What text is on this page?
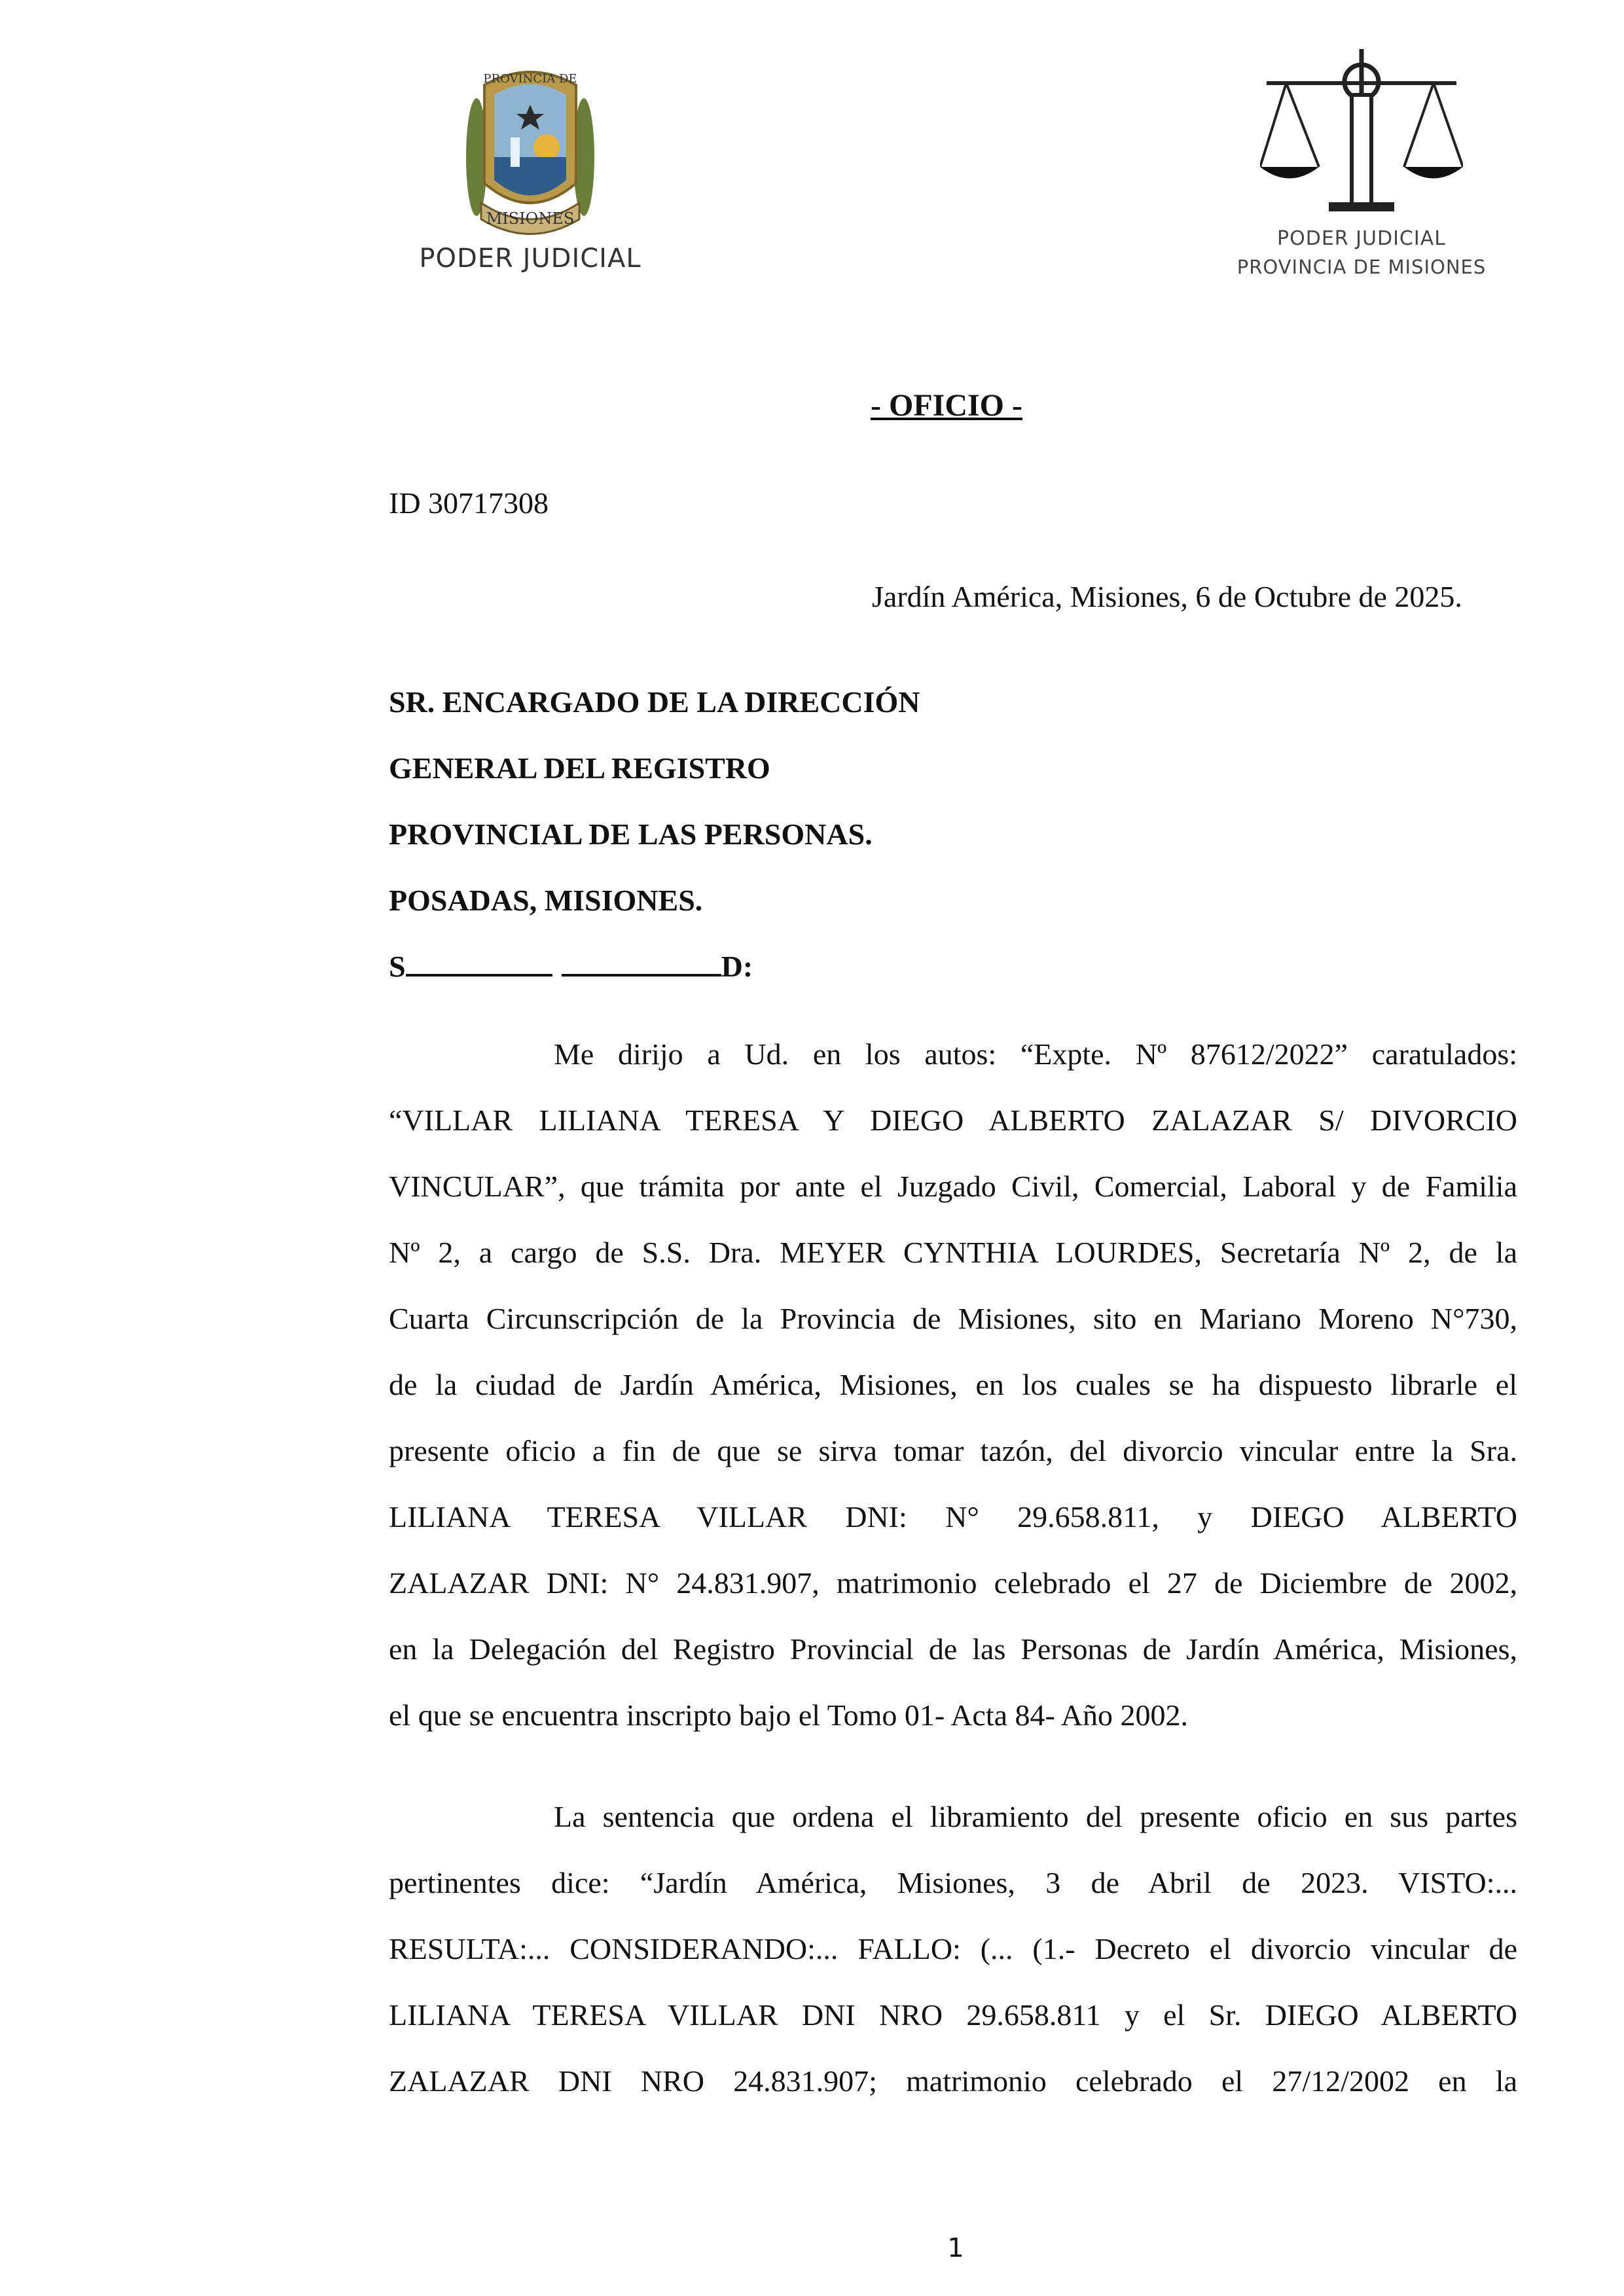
MISIONES
PROVINCIA DE
PODER JUDICIAL
PODER JUDICIAL
PROVINCIA DE MISIONES
- OFICIO -
ID 30717308
Jardín América, Misiones, 6 de Octubre de 2025.
SR. ENCARGADO DE LA DIRECCIÓN
GENERAL DEL REGISTRO
PROVINCIAL DE LAS PERSONAS.
POSADAS, MISIONES.
S	D:
Me dirijo a Ud. en los autos: “Expte. Nº 87612/2022” caratulados:
“VILLAR LILIANA TERESA Y DIEGO ALBERTO ZALAZAR S/ DIVORCIO
VINCULAR”, que trámita por ante el Juzgado Civil, Comercial, Laboral y de Familia
Nº 2, a cargo de S.S. Dra. MEYER CYNTHIA LOURDES, Secretaría Nº 2, de la
Cuarta Circunscripción de la Provincia de Misiones, sito en Mariano Moreno N°730,
de la ciudad de Jardín América, Misiones, en los cuales se ha dispuesto librarle el
presente oficio a fin de que se sirva tomar tazón, del divorcio vincular entre la Sra.
LILIANA TERESA VILLAR DNI: N° 29.658.811, y DIEGO ALBERTO
ZALAZAR DNI: N° 24.831.907, matrimonio celebrado el 27 de Diciembre de 2002,
en la Delegación del Registro Provincial de las Personas de Jardín América, Misiones,
el que se encuentra inscripto bajo el Tomo 01- Acta 84- Año 2002.
La sentencia que ordena el libramiento del presente oficio en sus partes
pertinentes dice: “Jardín América, Misiones, 3 de Abril de 2023. VISTO:...
RESULTA:... CONSIDERANDO:... FALLO: (... (1.- Decreto el divorcio vincular de
LILIANA TERESA VILLAR DNI NRO 29.658.811 y el Sr. DIEGO ALBERTO
ZALAZAR DNI NRO 24.831.907; matrimonio celebrado el 27/12/2002 en la
1
